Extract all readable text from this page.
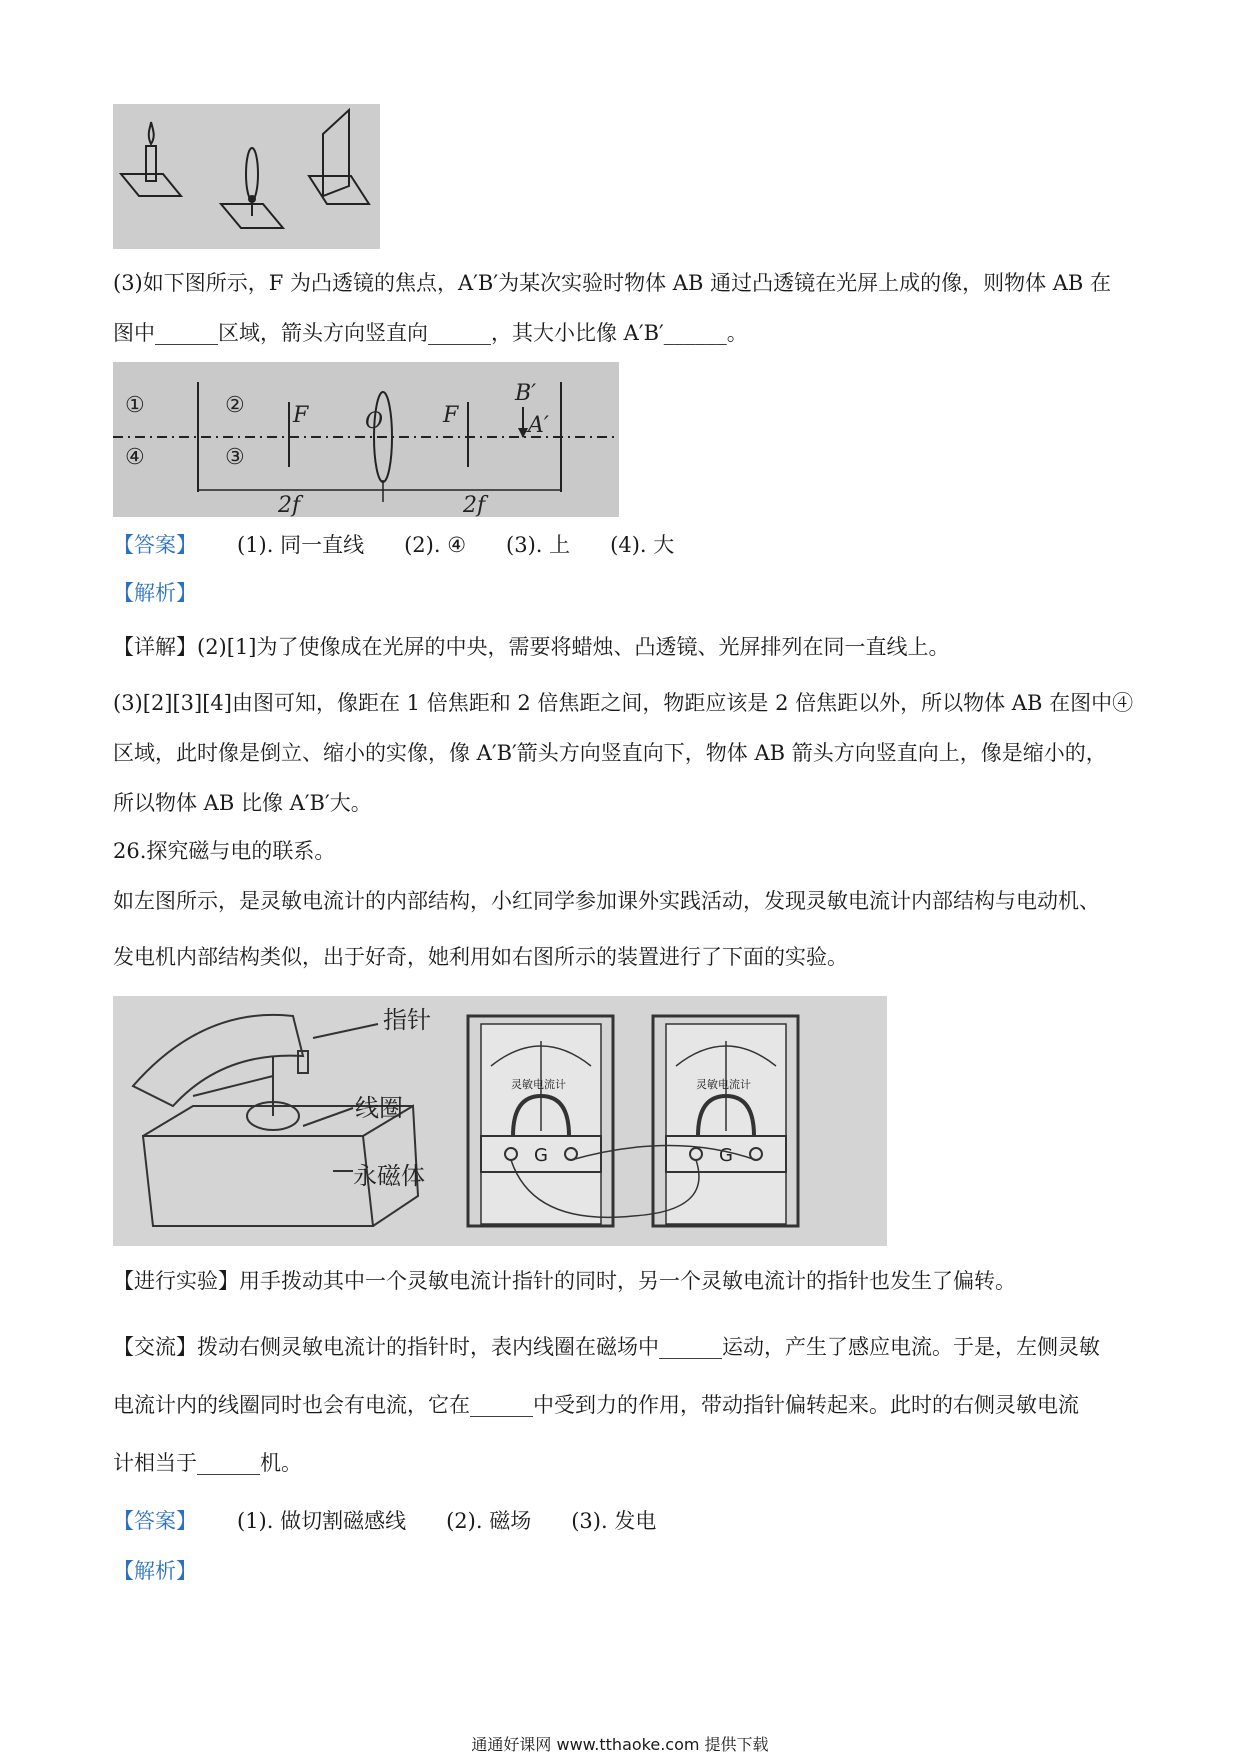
(3)如下图所示，F 为凸透镜的焦点，A′B′为某次实验时物体 AB 通过凸透镜在光屏上成的像，则物体 AB 在
图中______区域，箭头方向竖直向______，其大小比像 A′B′______。
①
④
②
③
F	O	F
B′
A′
2f	2f
【答案】 (1). 同一直线 (2). ④ (3). 上 (4). 大
【解析】
【详解】(2)[1]为了使像成在光屏的中央，需要将蜡烛、凸透镜、光屏排列在同一直线上。
(3)[2][3][4]由图可知，像距在 1 倍焦距和 2 倍焦距之间，物距应该是 2 倍焦距以外，所以物体 AB 在图中④
区域，此时像是倒立、缩小的实像，像 A′B′箭头方向竖直向下，物体 AB 箭头方向竖直向上，像是缩小的，
所以物体 AB 比像 A′B′大。
26.探究磁与电的联系。
如左图所示，是灵敏电流计的内部结构，小红同学参加课外实践活动，发现灵敏电流计内部结构与电动机、
发电机内部结构类似，出于好奇，她利用如右图所示的装置进行了下面的实验。
指针
线圈
永磁体
G
灵敏电流计
G
灵敏电流计
【进行实验】用手拨动其中一个灵敏电流计指针的同时，另一个灵敏电流计的指针也发生了偏转。
【交流】拨动右侧灵敏电流计的指针时，表内线圈在磁场中______运动，产生了感应电流。于是，左侧灵敏
电流计内的线圈同时也会有电流，它在______中受到力的作用，带动指针偏转起来。此时的右侧灵敏电流
计相当于______机。
【答案】 (1). 做切割磁感线 (2). 磁场 (3). 发电
【解析】
通通好课网 www.tthaoke.com 提供下载
